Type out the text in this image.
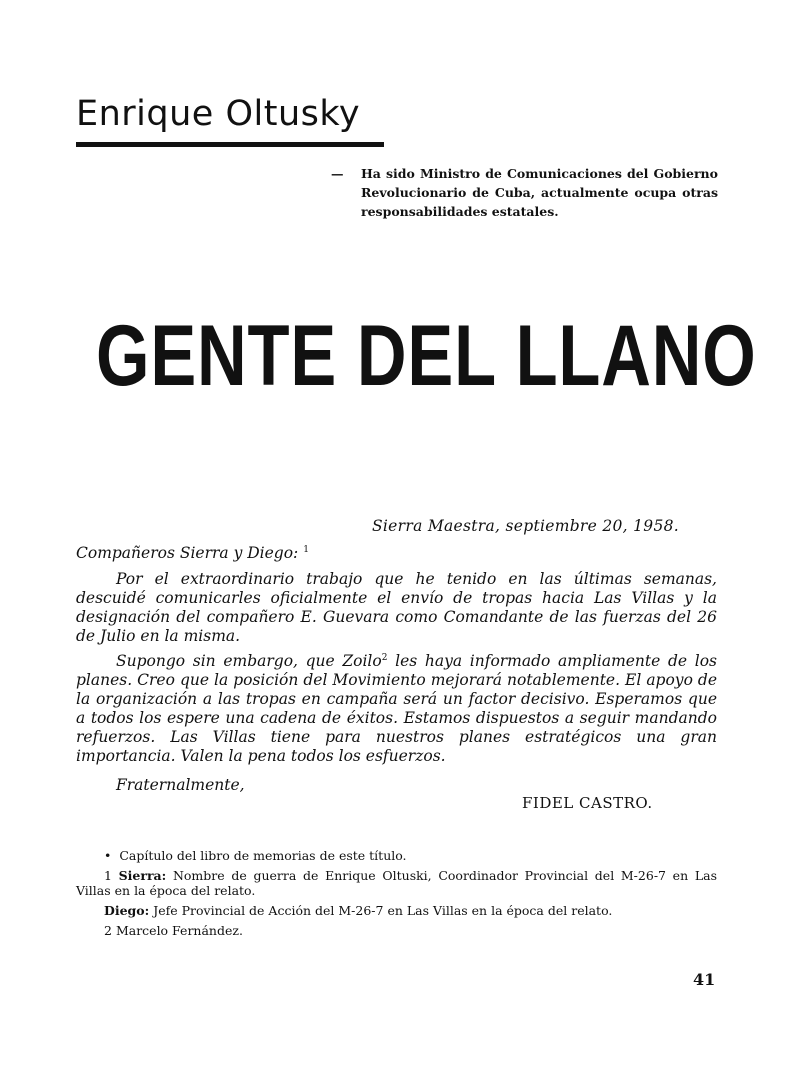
Enrique Oltusky
— Ha sido Ministro de Comunicaciones del Gobierno Revolucionario de Cuba, actualmente ocupa otras responsabilidades estatales.
GENTE DEL LLANO
Sierra Maestra, septiembre 20, 1958.
Compañeros Sierra y Diego: $^1$

Por el extraordinario trabajo que he tenido en las últimas semanas, descuidé comunicarles oficialmente el envío de tropas hacia Las Villas y la designación del compañero E. Guevara como Comandante de las fuerzas del 26 de Julio en la misma.

Supongo sin embargo, que Zoilo$^2$ les haya informado ampliamente de los planes. Creo que la posición del Movimiento mejorará notablemente. El apoyo de la organización a las tropas en campaña será un factor decisivo. Esperamos que a todos los espere una cadena de éxitos. Estamos dispuestos a seguir mandando refuerzos. Las Villas tiene para nuestros planes estratégicos una gran importancia. Valen la pena todos los esfuerzos.

Fraternalmente,
FIDEL CASTRO.
• Capítulo del libro de memorias de este título.
1 Sierra: Nombre de guerra de Enrique Oltuski, Coordinador Provincial del M-26-7 en Las Villas en la época del relato.
Diego: Jefe Provincial de Acción del M-26-7 en Las Villas en la época del relato.
2 Marcelo Fernández.
41
